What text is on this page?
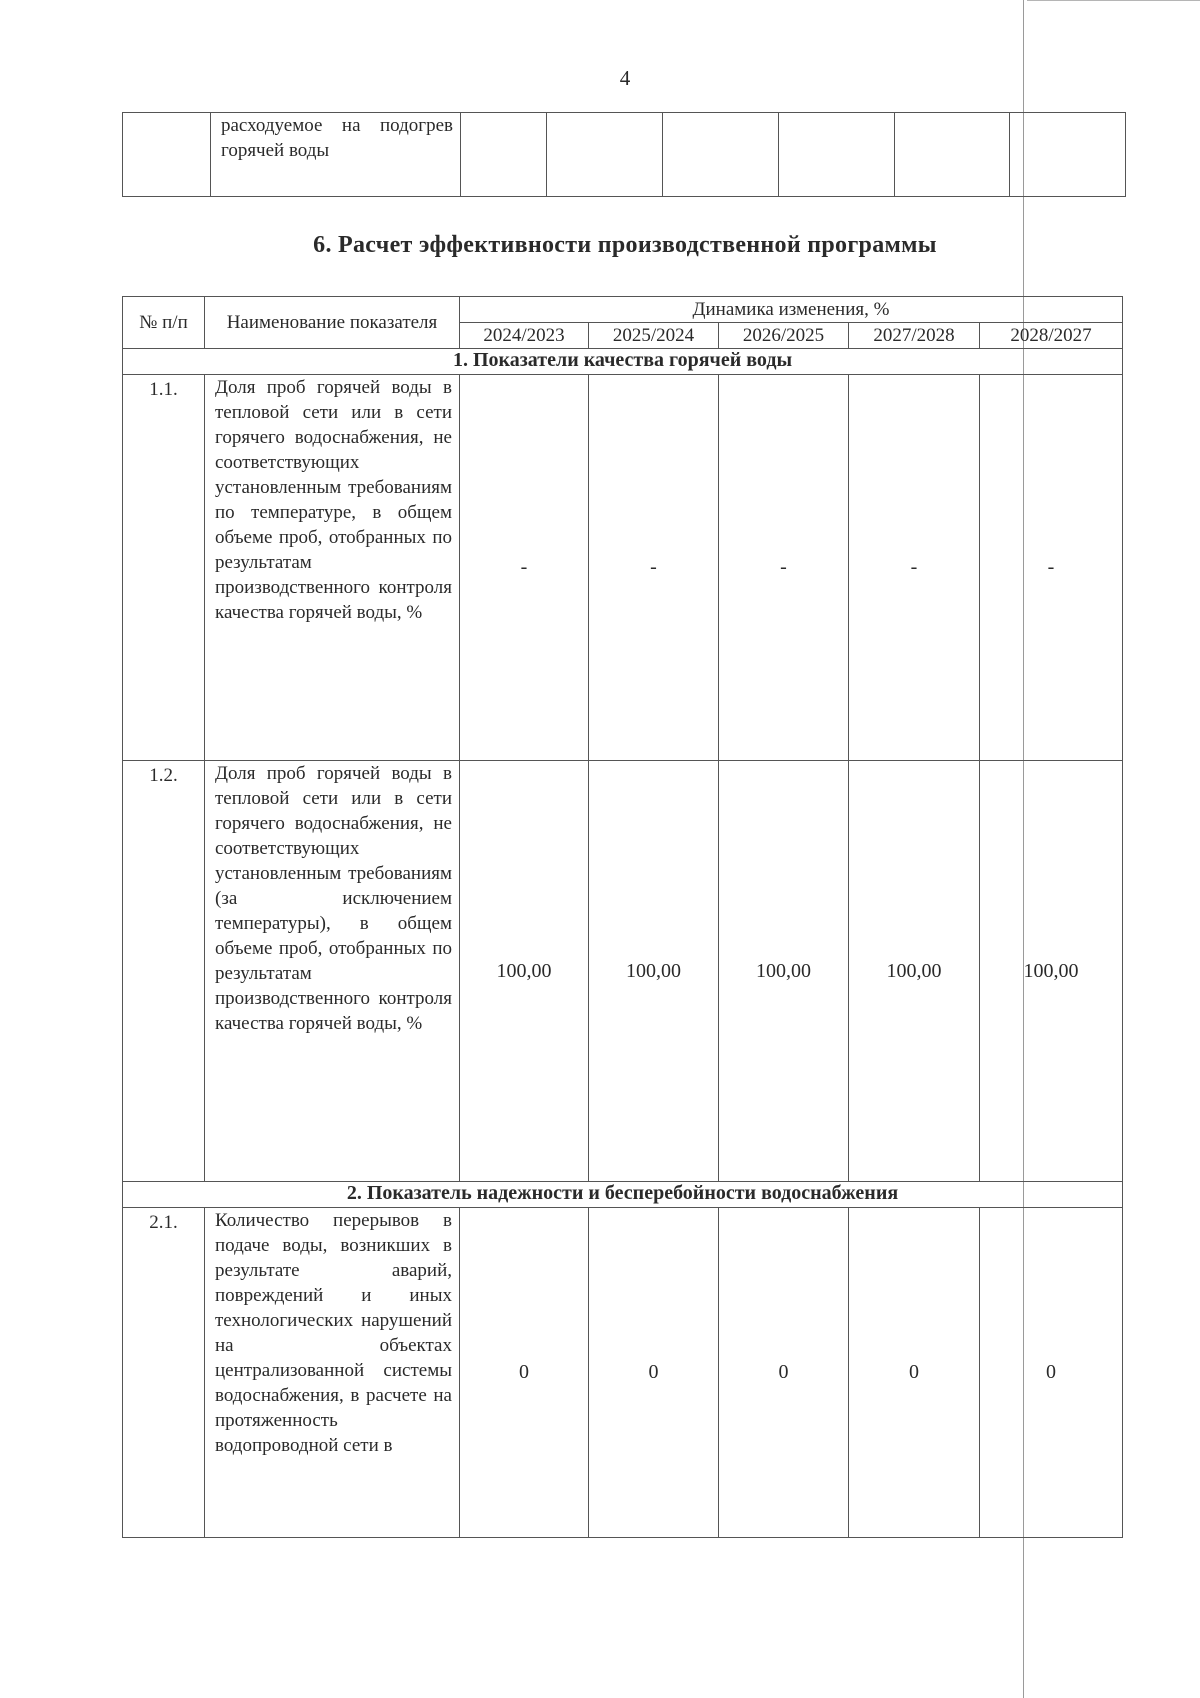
4
	расходуемое на подогрев горячей воды						
6. Расчет эффективности производственной программы
№ п/п	Наименование показателя	Динамика изменения, %				
		2024/2023	2025/2024	2026/2025	2027/2028	2028/2027
1. Показатели качества горячей воды						
1.1.	Доля проб горячей воды в тепловой сети или в сети горячего водоснабжения, не соответствующих установленным требованиям по температуре, в общем объеме проб, отобранных по результатам производственного контроля качества горячей воды, %	-	-	-	-	-
1.2.	Доля проб горячей воды в тепловой сети или в сети горячего водоснабжения, не соответствующих установленным требованиям (за исключением температуры), в общем объеме проб, отобранных по результатам производственного контроля качества горячей воды, %	100,00	100,00	100,00	100,00	100,00
2. Показатель надежности и бесперебойности водоснабжения						
2.1.	Количество перерывов в подаче воды, возникших в результате аварий, повреждений и иных технологических нарушений на объектах централизованной системы водоснабжения, в расчете на протяженность водопроводной сети в	0	0	0	0	0
